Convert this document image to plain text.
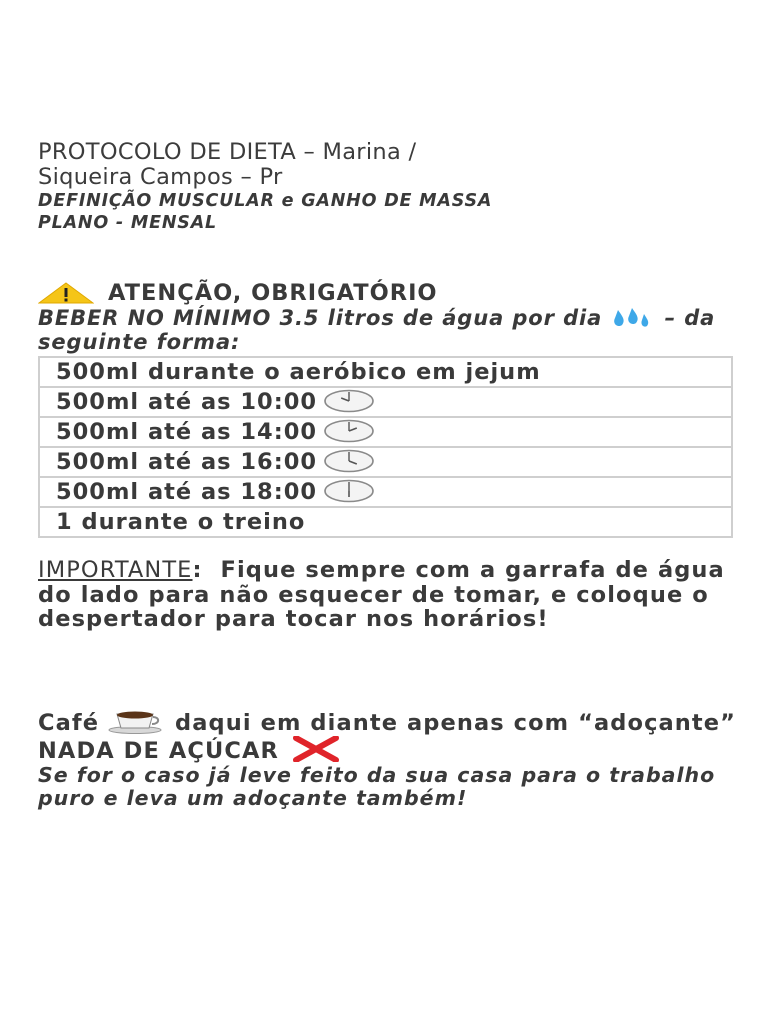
PROTOCOLO DE DIETA – Marina /
Siqueira Campos – Pr

DEFINIÇÃO MUSCULAR e GANHO DE MASSA

PLANO - MENSAL

ATENÇÃO, OBRIGATÓRIO

BEBER NO MÍNIMO 3.5 litros de água por dia	– da seguinte forma:

500ml durante o aeróbico em jejum
500ml até as 10:00
500ml até as 14:00
500ml até as 16:00
500ml até as 18:00
1 durante o treino

IMPORTANTE:  Fique sempre com a garrafa de água do lado para não esquecer de tomar, e coloque o despertador para tocar nos horários!

Café	daqui em diante apenas com “adoçante” NADA DE AÇÚCAR

Se for o caso já leve feito da sua casa para o trabalho puro e leva um adoçante também!
